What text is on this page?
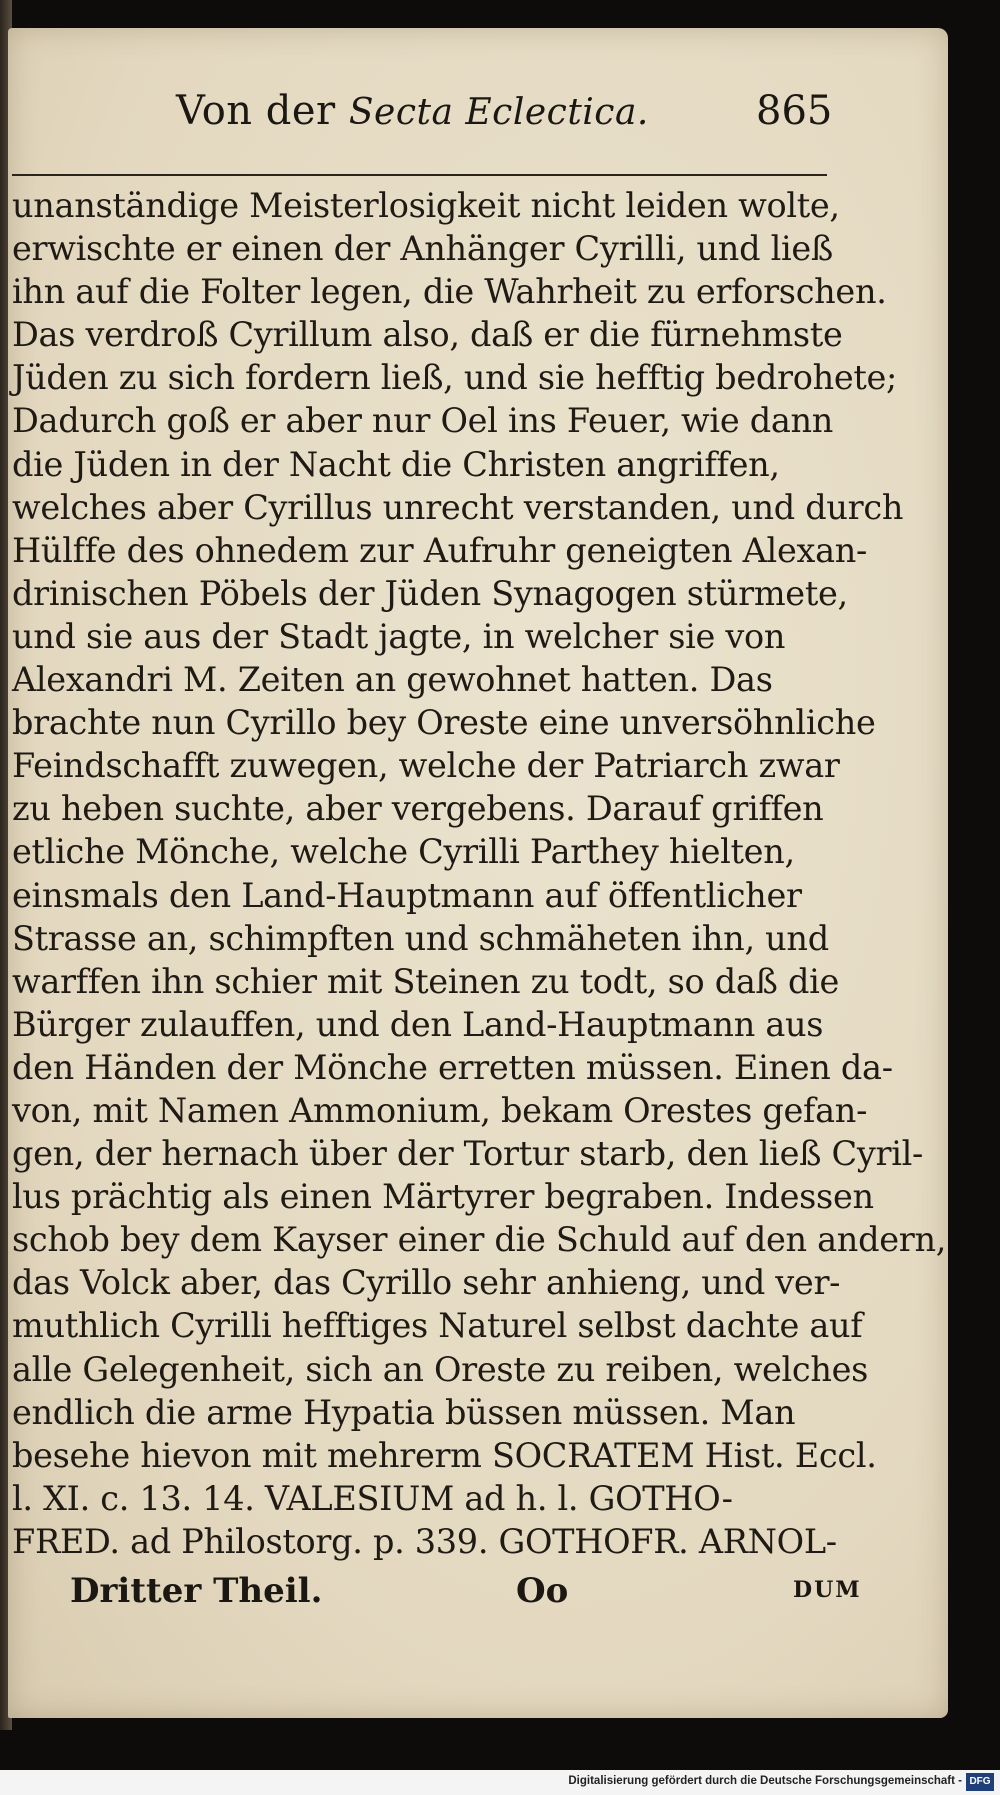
Von der Secta Eclectica.	865
unanständige Meisterlosigkeit nicht leiden wolte,
erwischte er einen der Anhänger Cyrilli, und ließ
ihn auf die Folter legen, die Wahrheit zu erforschen.
Das verdroß Cyrillum also, daß er die fürnehmste
Jüden zu sich fordern ließ, und sie hefftig bedrohete;
Dadurch goß er aber nur Oel ins Feuer, wie dann
die Jüden in der Nacht die Christen angriffen,
welches aber Cyrillus unrecht verstanden, und durch
Hülffe des ohnedem zur Aufruhr geneigten Alexan-
drinischen Pöbels der Jüden Synagogen stürmete,
und sie aus der Stadt jagte, in welcher sie von
Alexandri M. Zeiten an gewohnet hatten. Das
brachte nun Cyrillo bey Oreste eine unversöhnliche
Feindschafft zuwegen, welche der Patriarch zwar
zu heben suchte, aber vergebens. Darauf griffen
etliche Mönche, welche Cyrilli Parthey hielten,
einsmals den Land-Hauptmann auf öffentlicher
Strasse an, schimpften und schmäheten ihn, und
warffen ihn schier mit Steinen zu todt, so daß die
Bürger zulauffen, und den Land-Hauptmann aus
den Händen der Mönche erretten müssen. Einen da-
von, mit Namen Ammonium, bekam Orestes gefan-
gen, der hernach über der Tortur starb, den ließ Cyril-
lus prächtig als einen Märtyrer begraben. Indessen
schob bey dem Kayser einer die Schuld auf den andern,
das Volck aber, das Cyrillo sehr anhieng, und ver-
muthlich Cyrilli hefftiges Naturel selbst dachte auf
alle Gelegenheit, sich an Oreste zu reiben, welches
endlich die arme Hypatia büssen müssen. Man
besehe hievon mit mehrerm SOCRATEM Hist. Eccl.
l. XI. c. 13. 14. VALESIUM ad h. l. GOTHO-
FRED. ad Philostorg. p. 339. GOTHOFR. ARNOL-
Dritter Theil.	Oo	DUM
Digitalisierung gefördert durch die Deutsche Forschungsgemeinschaft - DFG
